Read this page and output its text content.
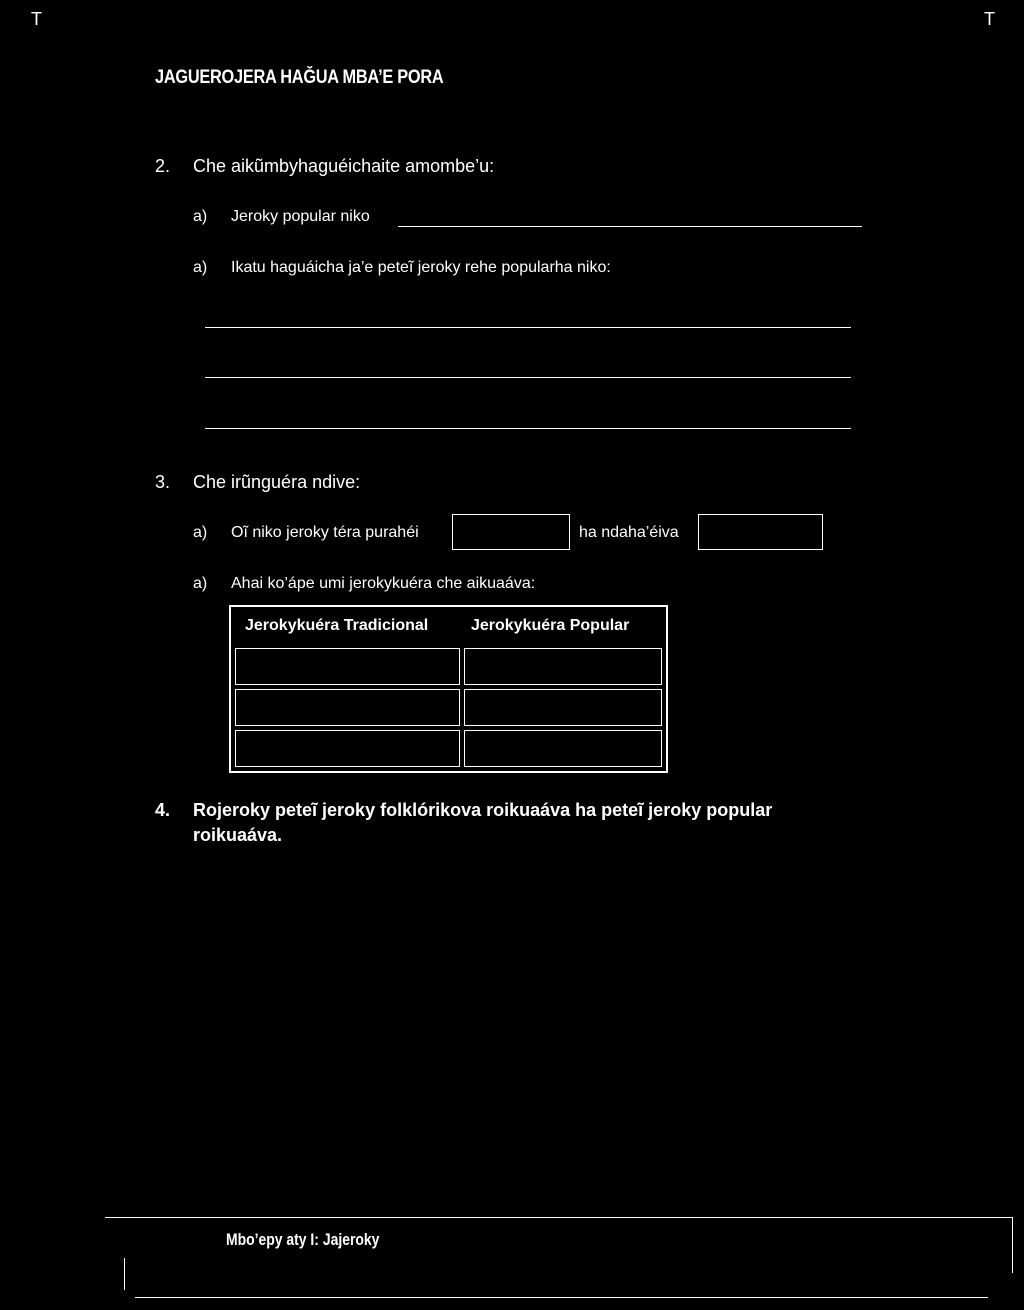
T	T
JAGUEROJERA HAĞUA MBA’E PORA
2. Che aikũmbyhaguéichaite amombe’u:
a) Jeroky popular niko
a) Ikatu haguáicha ja’e peteĩ jeroky rehe popularha niko:
3. Che irũnguéra ndive:
a) Oĩ niko jeroky téra purahéi	ha ndaha’éiva
a) Ahai ko’ápe umi jerokykuéra che aikuaáva:
Jerokykuéra Tradicional	Jerokykuéra Popular
4. Rojeroky peteĩ jeroky folklórikova roikuaáva ha peteĩ jeroky popular
roikuaáva.
Mbo’epy aty I: Jajeroky
